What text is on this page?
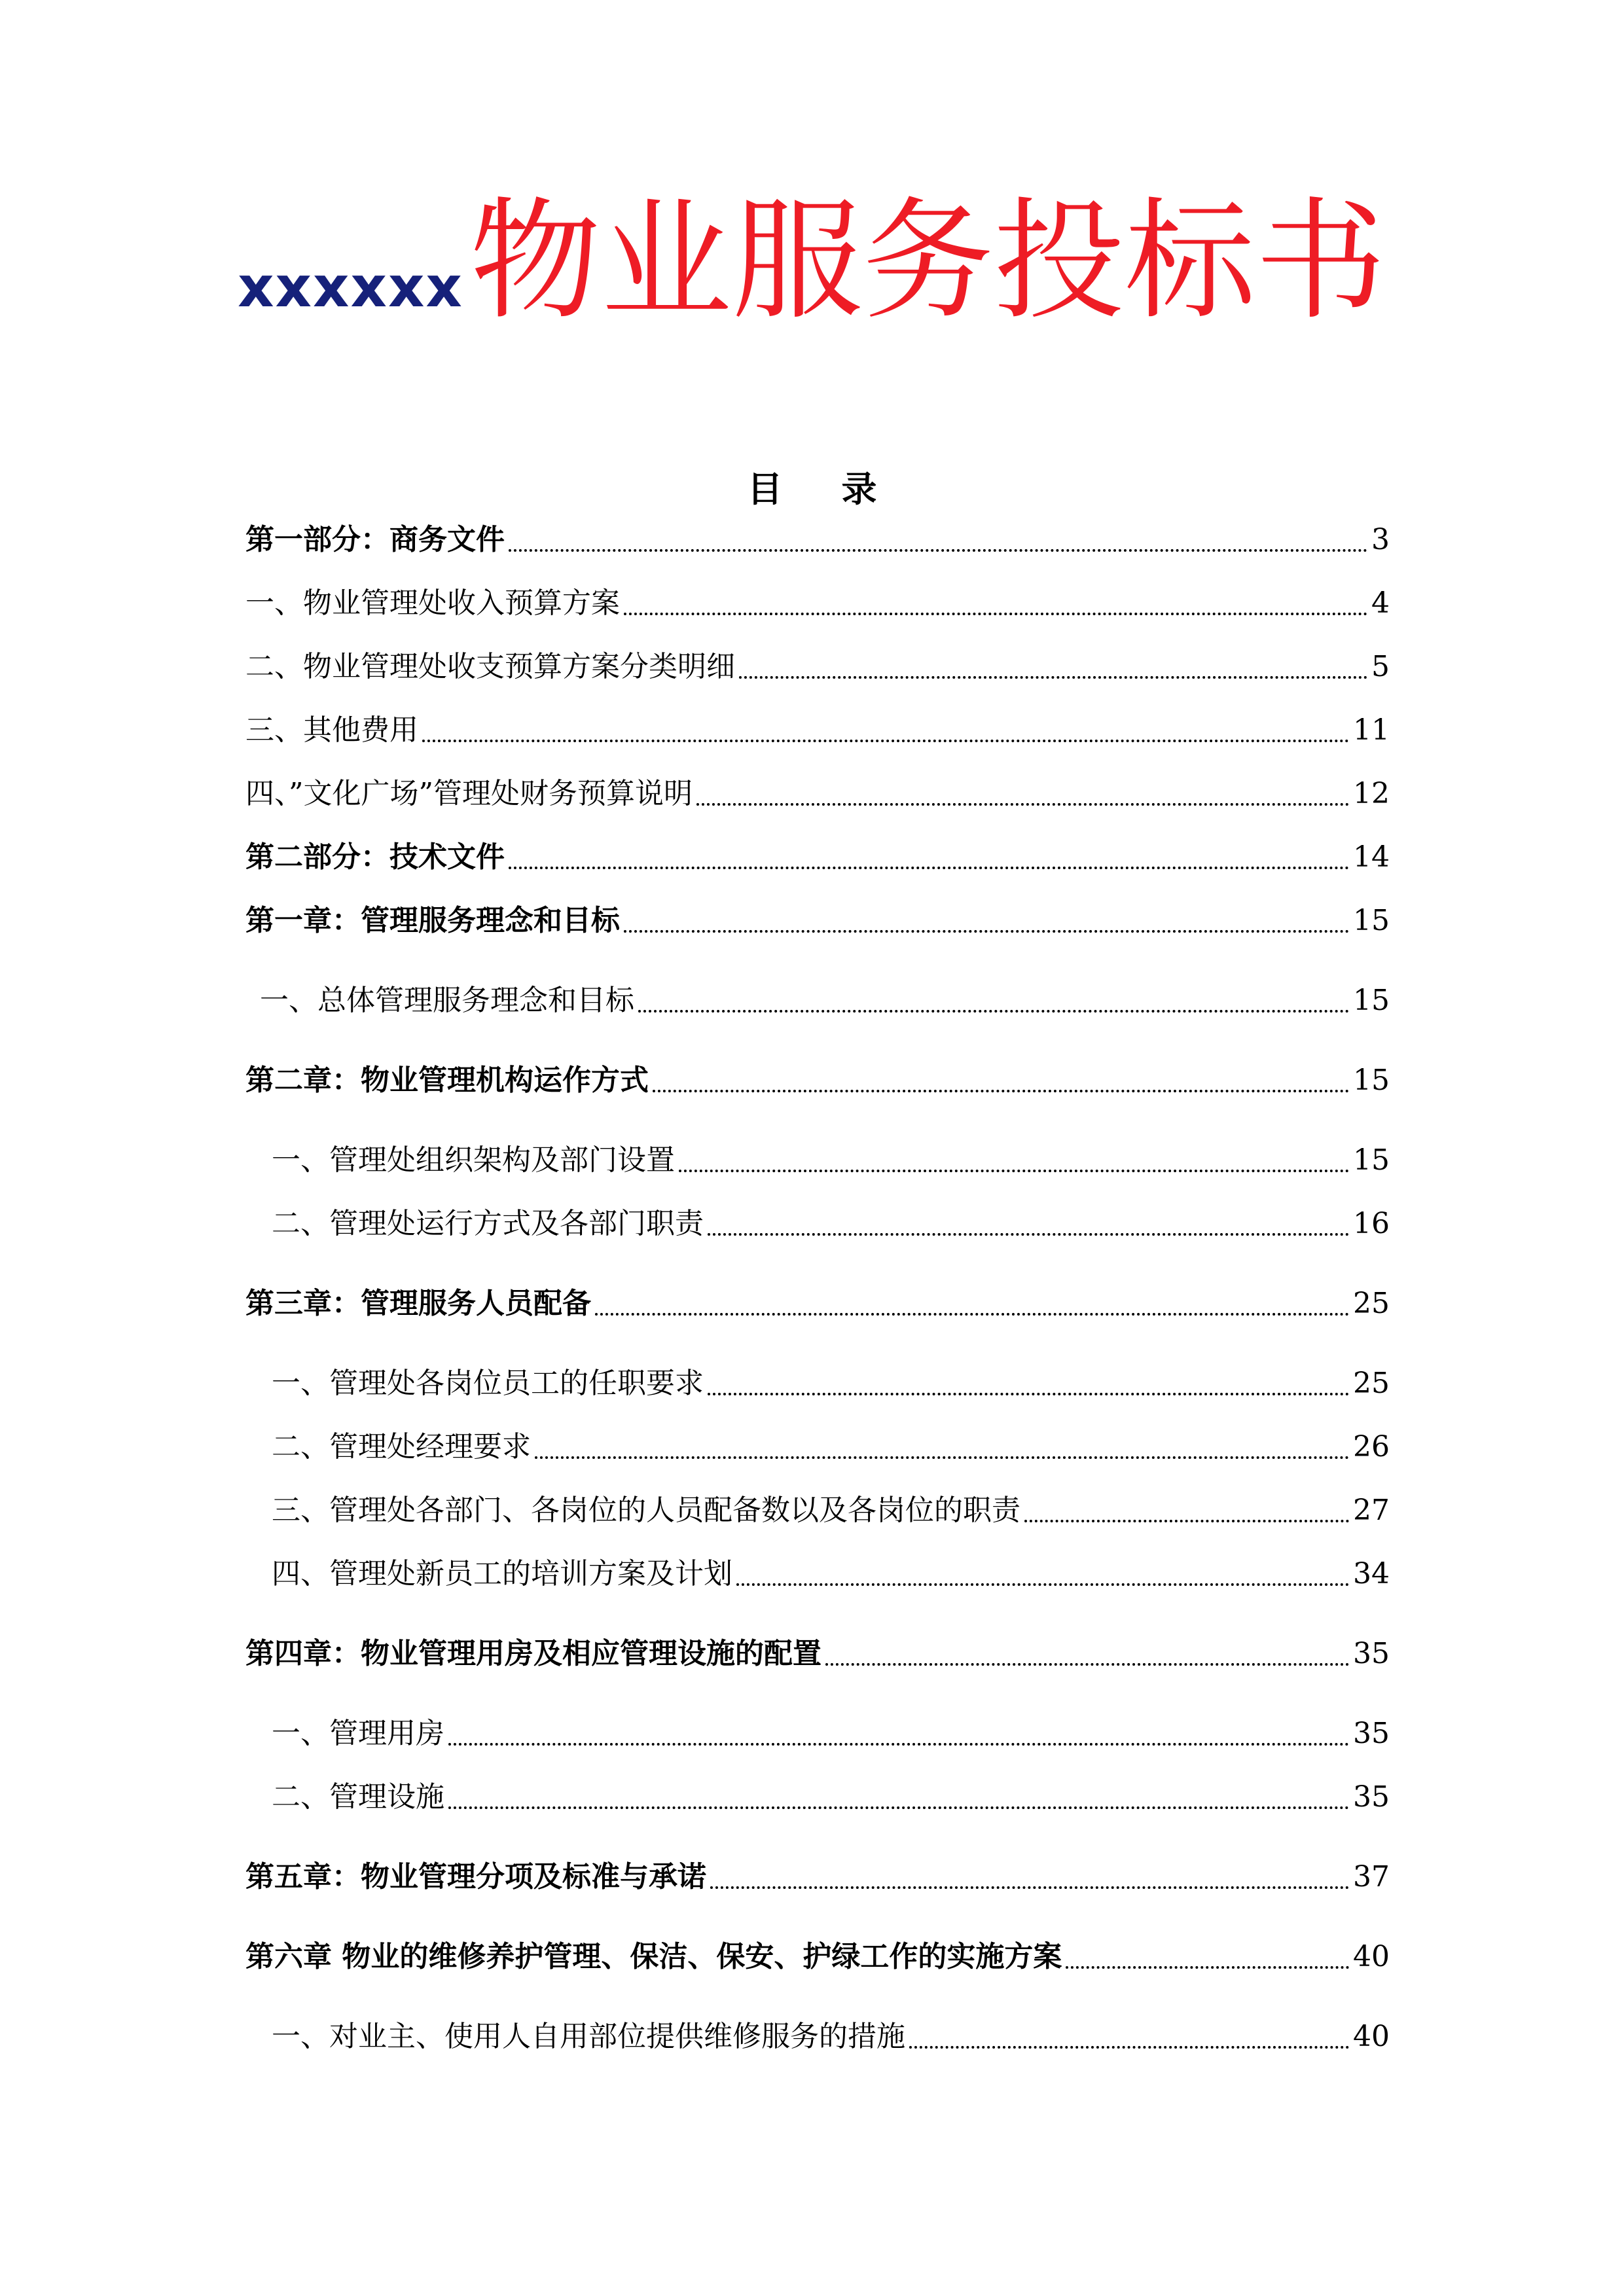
xxxxxx物业服务投标书
目录
第一部分：商务文件	3
一、物业管理处收入预算方案	4
二、物业管理处收支预算方案分类明细	5
三、其他费用	11
四、”文化广场”管理处财务预算说明	12
第二部分：技术文件	14
第一章：管理服务理念和目标	15
一、总体管理服务理念和目标	15
第二章：物业管理机构运作方式	15
一、管理处组织架构及部门设置	15
二、管理处运行方式及各部门职责	16
第三章：管理服务人员配备	25
一、管理处各岗位员工的任职要求	25
二、管理处经理要求	26
三、管理处各部门、各岗位的人员配备数以及各岗位的职责	27
四、管理处新员工的培训方案及计划	34
第四章：物业管理用房及相应管理设施的配置	35
一、管理用房	35
二、管理设施	35
第五章：物业管理分项及标准与承诺	37
第六章 物业的维修养护管理、保洁、保安、护绿工作的实施方案	40
一、对业主、使用人自用部位提供维修服务的措施	40
